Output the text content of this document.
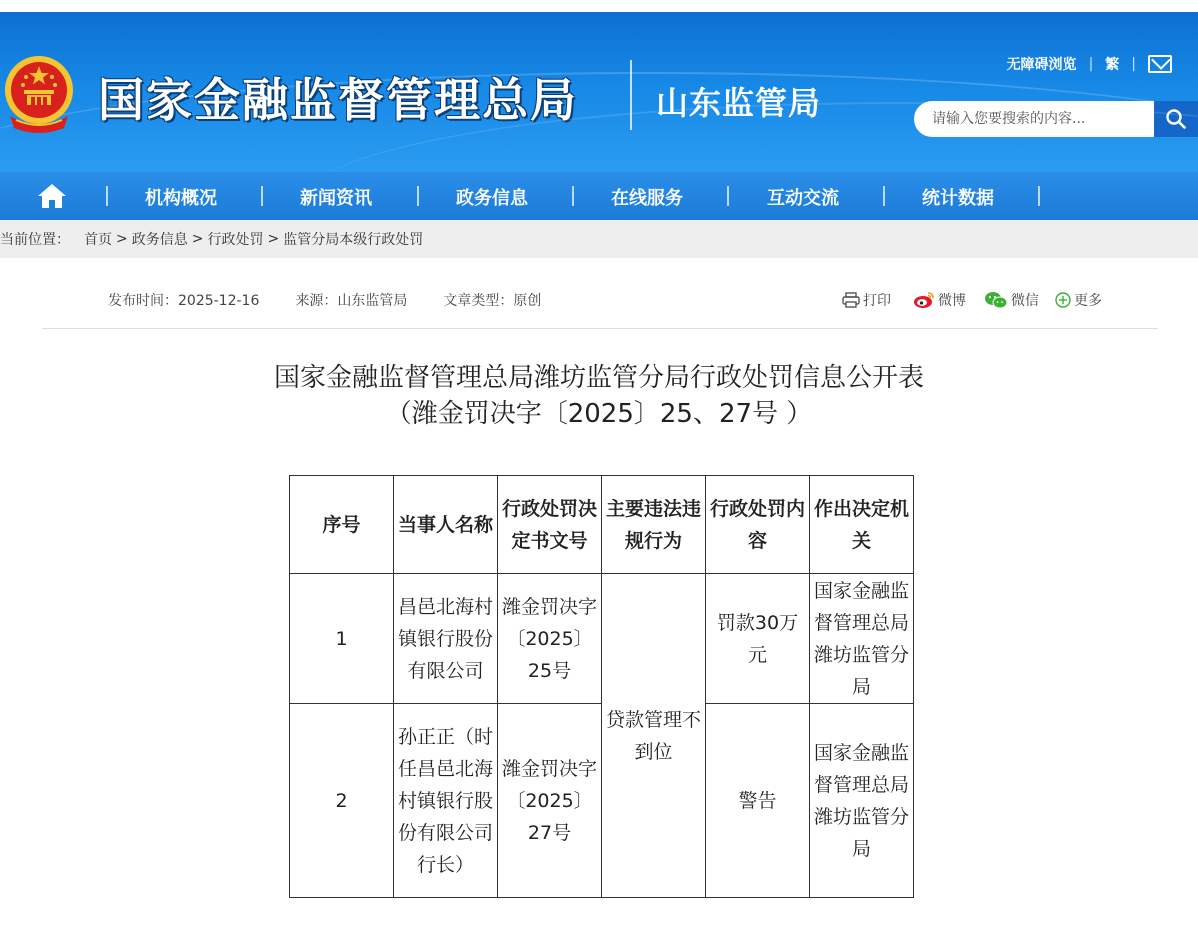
国家金融监督管理总局 山东监管局
无障碍浏览 | 繁 |
请输入您要搜索的内容...
机构概况	新闻资讯	政务信息	在线服务	互动交流	统计数据
当前位置： 首页 > 政务信息 > 行政处罚 > 监管分局本级行政处罚
发布时间：2025-12-16	来源：山东监管局	文章类型：原创	打印	微博	微信	更多
国家金融监督管理总局潍坊监管分局行政处罚信息公开表
（潍金罚决字〔2025〕25、27号 ）
序号	当事人名称	行政处罚决定书文号	主要违法违规行为	行政处罚内容	作出决定机关
1	昌邑北海村镇银行股份有限公司	潍金罚决字〔2025〕25号	贷款管理不到位	罚款30万元	国家金融监督管理总局潍坊监管分局
2	孙正正（时任昌邑北海村镇银行股份有限公司行长）	潍金罚决字〔2025〕27号		警告	国家金融监督管理总局潍坊监管分局
